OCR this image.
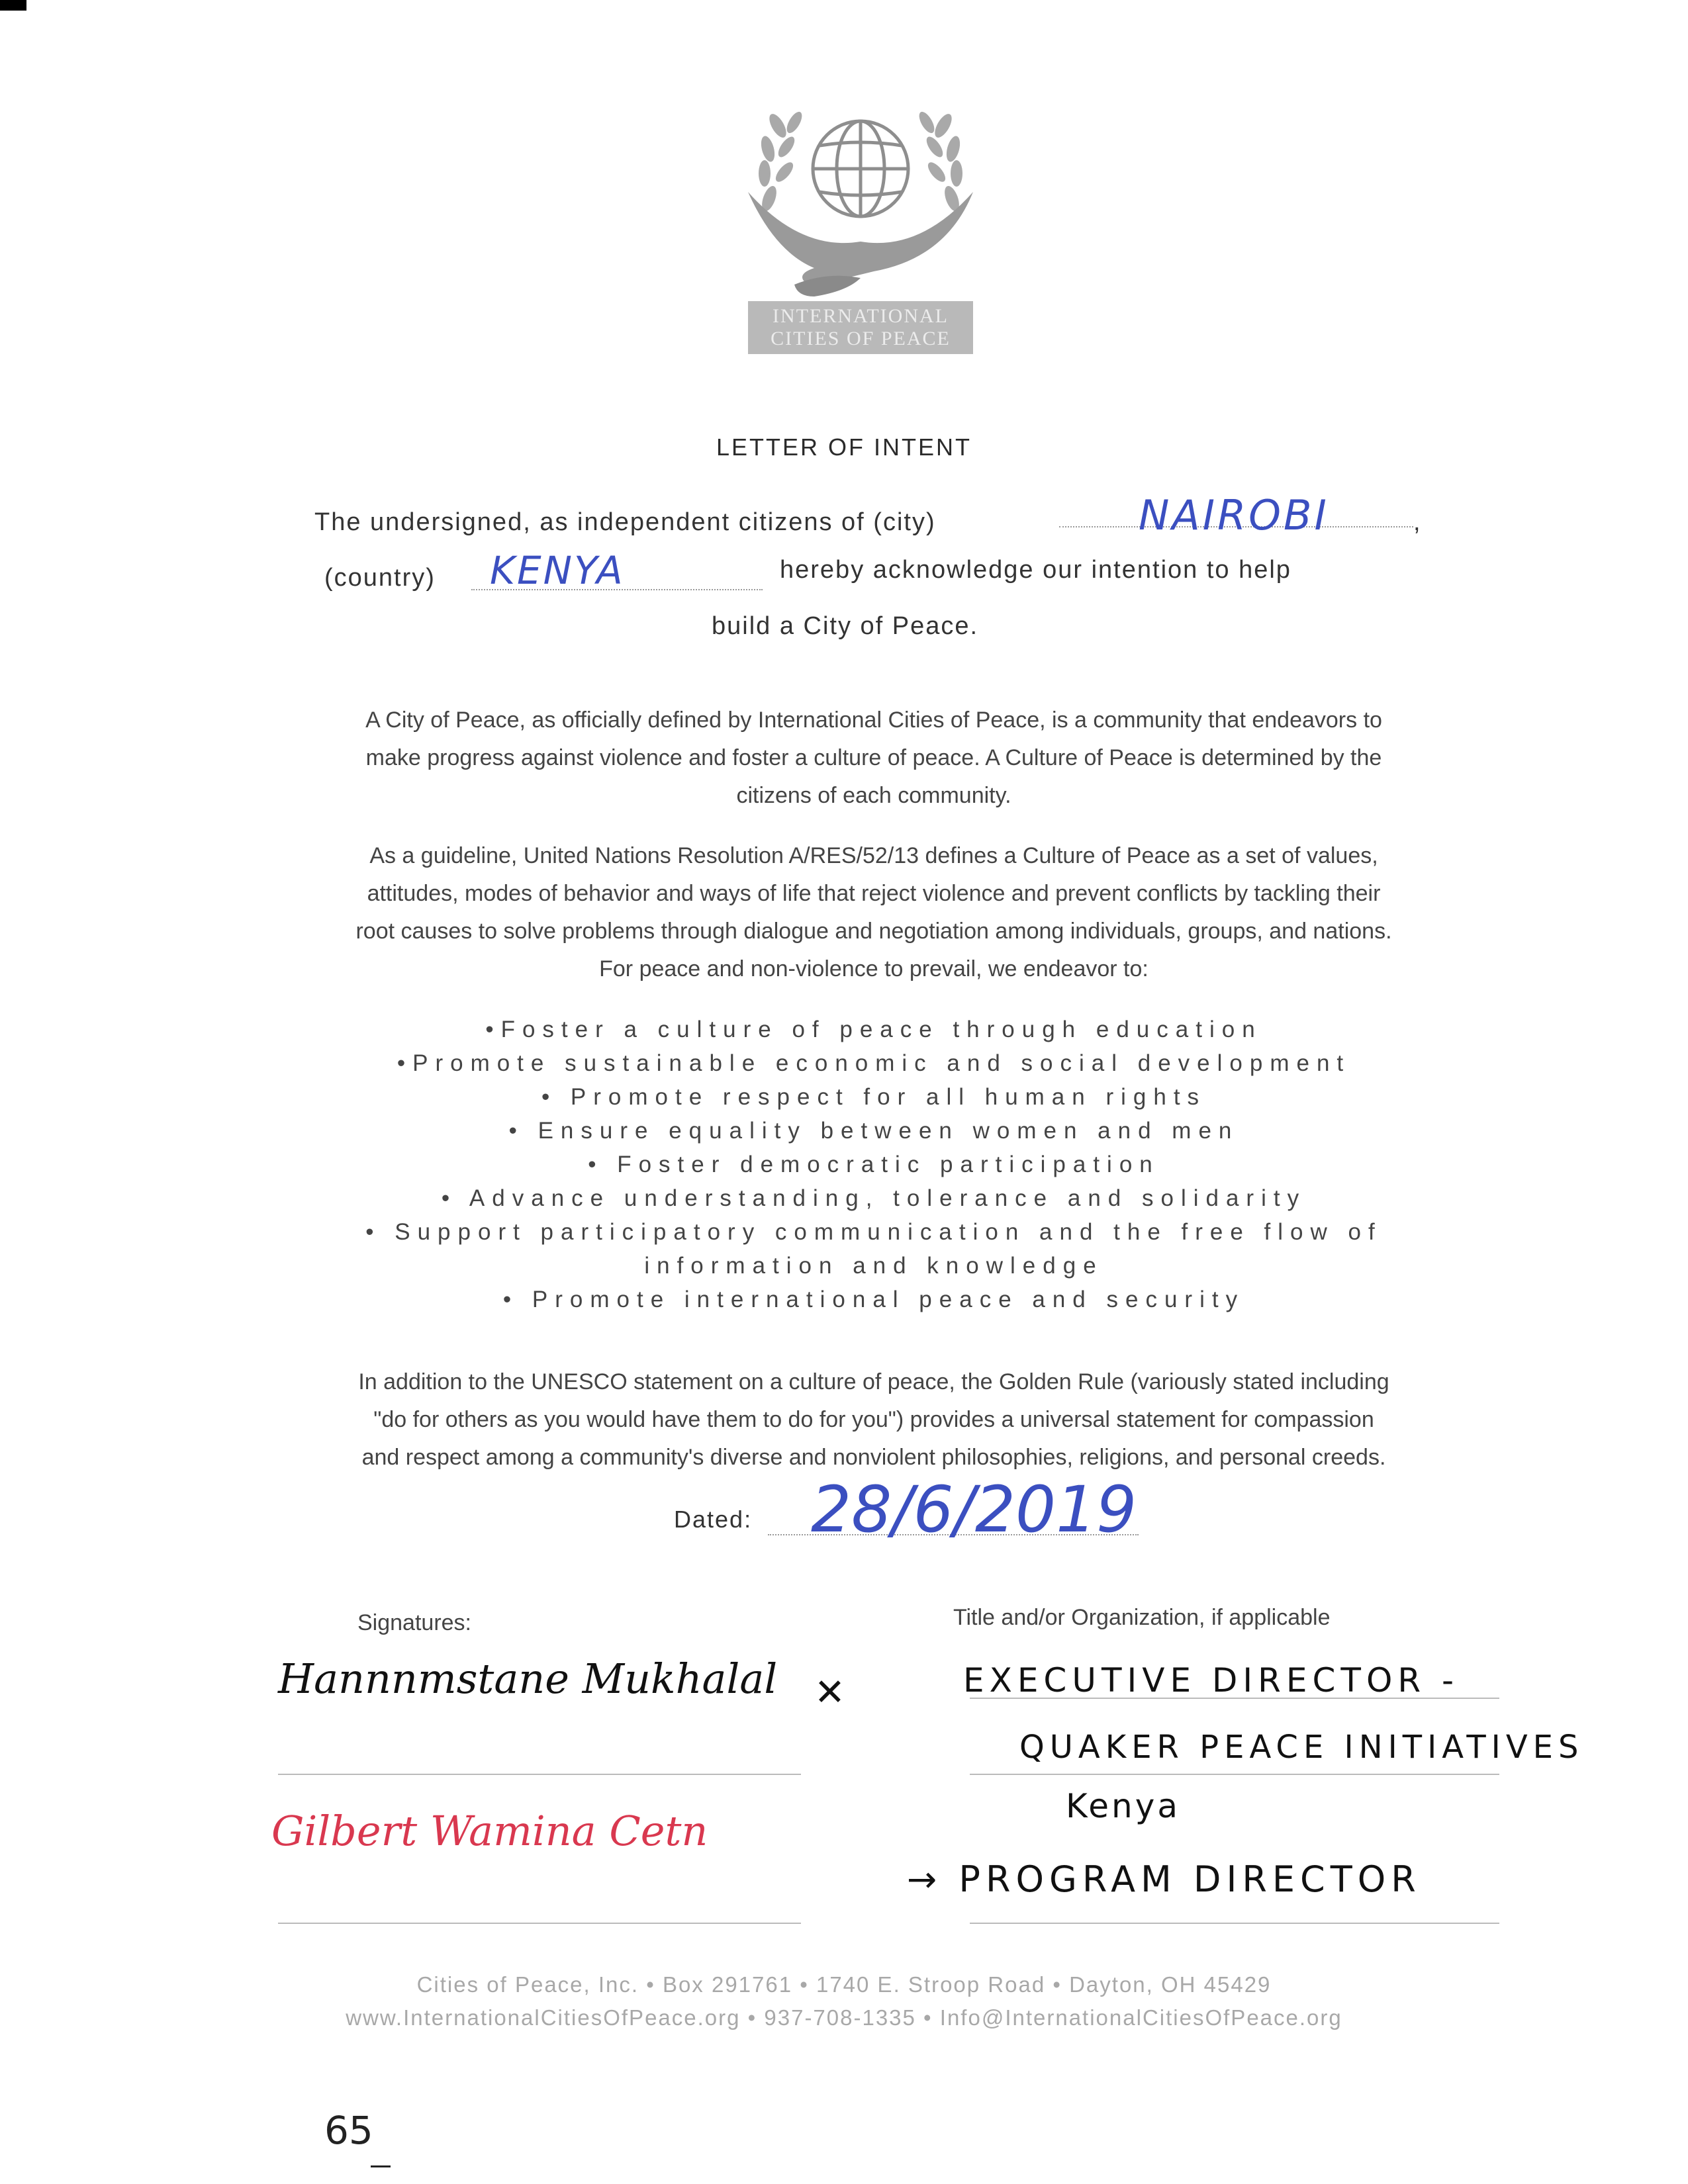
INTERNATIONAL
CITIES OF PEACE
LETTER OF INTENT
The undersigned, as independent citizens of (city)	NAIROBI	,
(country) KENYA	hereby acknowledge our intention to help
build a City of Peace.
A City of Peace, as officially defined by International Cities of Peace, is a community that endeavors to
make progress against violence and foster a culture of peace. A Culture of Peace is determined by the
citizens of each community.
As a guideline, United Nations Resolution A/RES/52/13 defines a Culture of Peace as a set of values,
attitudes, modes of behavior and ways of life that reject violence and prevent conflicts by tackling their
root causes to solve problems through dialogue and negotiation among individuals, groups, and nations.
For peace and non-violence to prevail, we endeavor to:
•Foster a culture of peace through education
•Promote sustainable economic and social development
• Promote respect for all human rights
• Ensure equality between women and men
• Foster democratic participation
• Advance understanding, tolerance and solidarity
• Support participatory communication and the free flow of
information and knowledge
• Promote international peace and security
In addition to the UNESCO statement on a culture of peace, the Golden Rule (variously stated including
"do for others as you would have them to do for you") provides a universal statement for compassion
and respect among a community's diverse and nonviolent philosophies, religions, and personal creeds.
Dated: 28/6/2019
Signatures:
Hannnmstane Mukhalal ✕
Gilbert Wamina Cetn
Title and/or Organization, if applicable
EXECUTIVE DIRECTOR -
QUAKER PEACE INITIATIVES
Kenya
→ PROGRAM DIRECTOR
Cities of Peace, Inc. • Box 291761 • 1740 E. Stroop Road • Dayton, OH 45429
www.InternationalCitiesOfPeace.org • 937-708-1335 • Info@InternationalCitiesOfPeace.org
65
